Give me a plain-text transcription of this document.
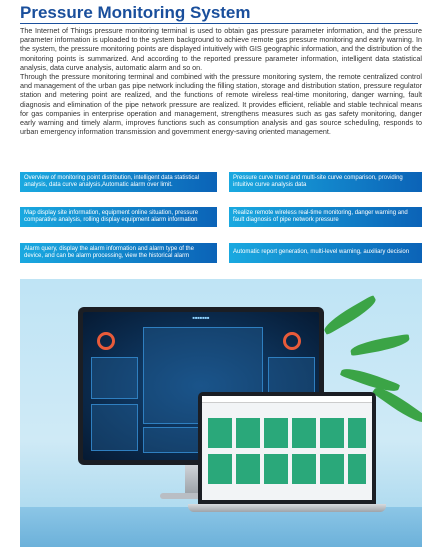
Pressure Monitoring System
The Internet of Things pressure monitoring terminal is used to obtain gas pressure parameter information, and the pressure parameter information is uploaded to the system background to achieve remote gas pressure monitoring and early warning. In the system, the pressure monitoring points are displayed intuitively with GIS geographic information, and the distribution of the monitoring points is summarized. And according to the reported pressure parameter information, intelligent data statistical analysis, data curve analysis, automatic alarm and so on.
Through the pressure monitoring terminal and combined with the pressure monitoring system, the remote centralized control and management of the urban gas pipe network including the filling station, storage and distribution station, pressure regulator station and metering point are realized, and the functions of remote wireless real-time monitoring, danger warning, fault diagnosis and elimination of the pipe network pressure are realized. It provides efficient, reliable and stable technical means for gas companies in enterprise operation and management, strengthens measures such as gas safety monitoring, danger early warning and timely alarm, improves functions such as consumption analysis and gas source scheduling, responds to urban emergency information transmission and government energy-saving oriented management.
Overview of monitoring point distribution, intelligent data statistical analysis, data curve analysis,Automatic alarm over limit.
Pressure curve trend and multi-site curve comparison, providing intuitive curve analysis data
Map display site information, equipment online situation, pressure comparative analysis, rolling display equipment alarm information
Realize remote wireless real-time monitoring, danger warning and fault diagnosis of pipe network pressure
Alarm query, display the alarm information and alarm type of the device, and can be alarm processing, view the historical alarm
Automatic report generation, multi-level warning, auxiliary decision
■■■■■■■
